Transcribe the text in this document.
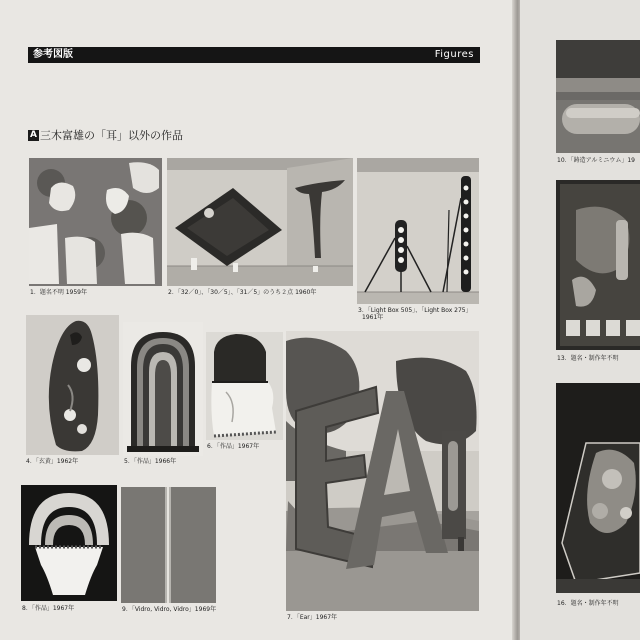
参考図版	Figures
A 三木富雄の「耳」以外の作品
1．題名不明 1959年	2．「32／0」、「30／5」、「31／5」のうち２点 1960年
3．「Light Box 505」、「Light Box 275」
1961年
4．「玄黄」1962年	5．「作品」1966年
6．「作品」1967年
7．「Ear」1967年
8．「作品」1967年	9．「Vidro, Vidro, Vidro」1969年
10．「鋳造アルミニウム」19
13．題名・制作年不明
16．題名・制作年不明
